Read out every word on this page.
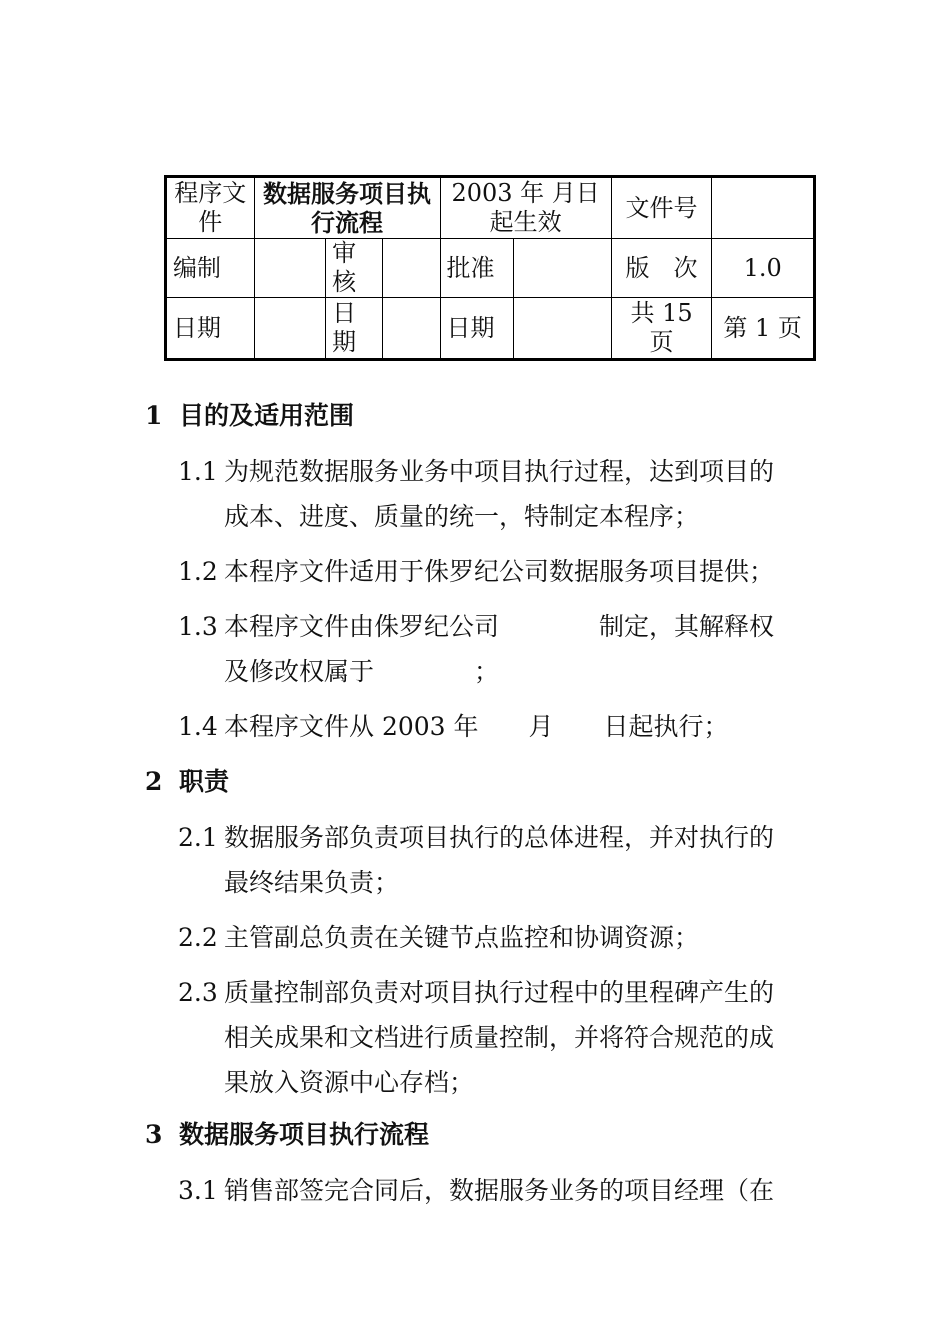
程序文件	数据服务项目执行流程			2003 年 月日起生效		文件号	
编制		审核		批准		版　次	1.0
日期		日期		日期		共 15 页	第 1 页
1 目的及适用范围
1.1 为规范数据服务业务中项目执行过程，达到项目的成本、进度、质量的统一，特制定本程序；
1.2 本程序文件适用于侏罗纪公司数据服务项目提供；
1.3 本程序文件由侏罗纪公司　　　　制定，其解释权及修改权属于　　　　；
1.4 本程序文件从 2003 年　　月　　日起执行；
2 职责
2.1 数据服务部负责项目执行的总体进程，并对执行的最终结果负责；
2.2 主管副总负责在关键节点监控和协调资源；
2.3 质量控制部负责对项目执行过程中的里程碑产生的相关成果和文档进行质量控制，并将符合规范的成果放入资源中心存档；
3 数据服务项目执行流程
3.1 销售部签完合同后，数据服务业务的项目经理（在
